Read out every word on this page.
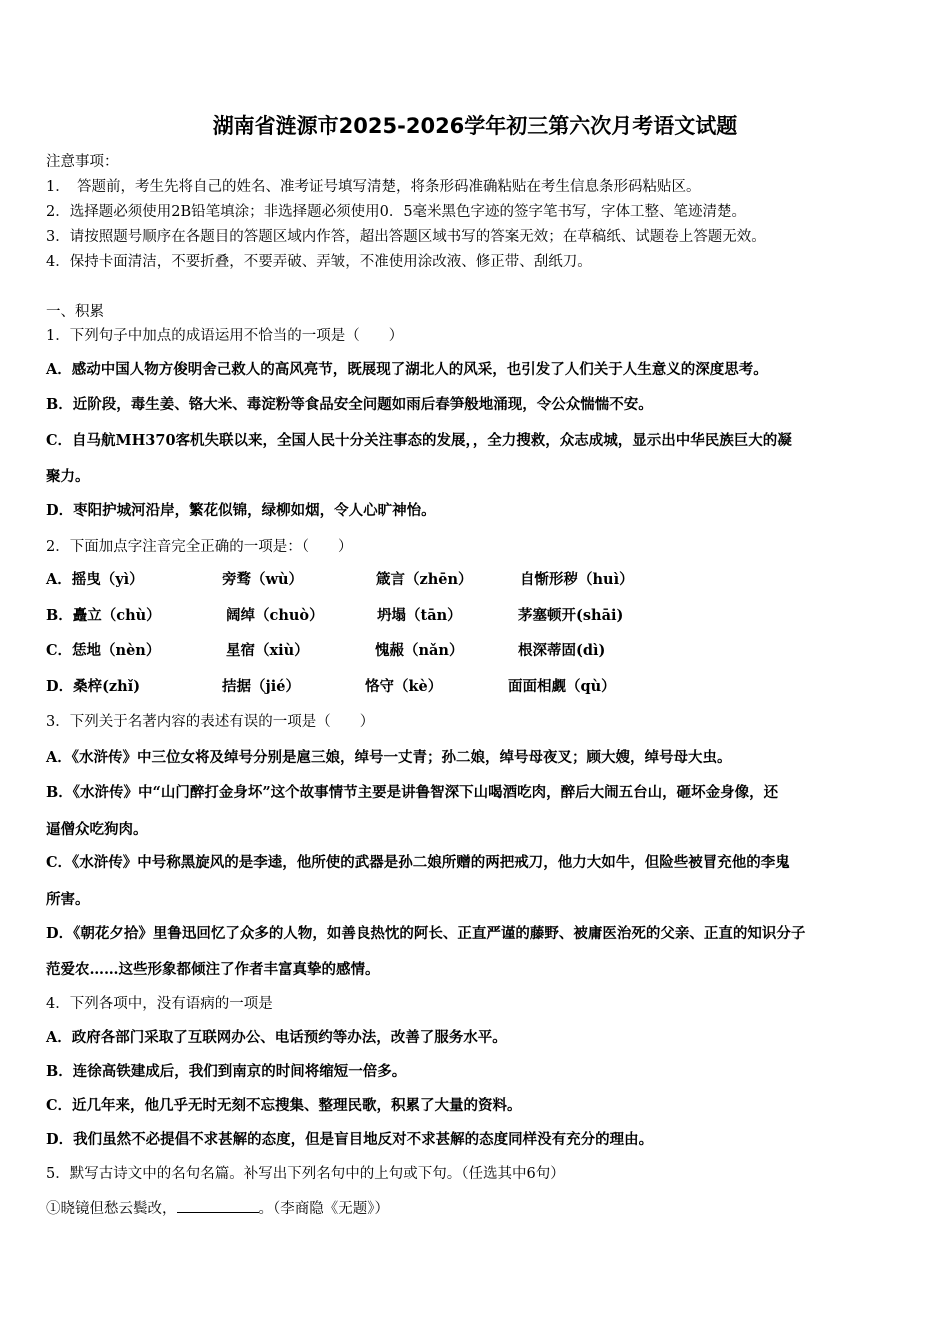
湖南省涟源市2025-2026学年初三第六次月考语文试题
注意事项：
1．　答题前，考生先将自己的姓名、准考证号填写清楚，将条形码准确粘贴在考生信息条形码粘贴区。
2．选择题必须使用2B铅笔填涂；非选择题必须使用0．5毫米黑色字迹的签字笔书写，字体工整、笔迹清楚。
3．请按照题号顺序在各题目的答题区域内作答，超出答题区域书写的答案无效；在草稿纸、试题卷上答题无效。
4．保持卡面清洁，不要折叠，不要弄破、弄皱，不准使用涂改液、修正带、刮纸刀。
一、积累
1．下列句子中加点的成语运用不恰当的一项是（　　）
A．感动中国人物方俊明舍己救人的高风亮节，既展现了湖北人的风采，也引发了人们关于人生意义的深度思考。
B．近阶段，毒生姜、铬大米、毒淀粉等食品安全问题如雨后春笋般地涌现，令公众惴惴不安。
C．自马航MH370客机失联以来，全国人民十分关注事态的发展，，全力搜救，众志成城，显示出中华民族巨大的凝
聚力。
D．枣阳护城河沿岸，繁花似锦，绿柳如烟，令人心旷神怡。
2．下面加点字注音完全正确的一项是：（　　）
A．摇曳（yì）	旁骛（wù）	箴言（zhēn）	自惭形秽（huì）
B．矗立（chù）	阔绰（chuò）	坍塌（tān）	茅塞顿开(shāi)
C．恁地（nèn）	星宿（xiù）	愧赧（nǎn）	根深蒂固(dì)
D．桑梓(zhǐ)	拮据（jié）	恪守（kè）	面面相觑（qù）
3．下列关于名著内容的表述有误的一项是（　　）
A．《水浒传》中三位女将及绰号分别是扈三娘，绰号一丈青；孙二娘，绰号母夜叉；顾大嫂，绰号母大虫。
B．《水浒传》中“山门醉打金身坏”这个故事情节主要是讲鲁智深下山喝酒吃肉，醉后大闹五台山，砸坏金身像，还
逼僧众吃狗肉。
C．《水浒传》中号称黑旋风的是李逵，他所使的武器是孙二娘所赠的两把戒刀，他力大如牛，但险些被冒充他的李鬼
所害。
D．《朝花夕拾》里鲁迅回忆了众多的人物，如善良热忱的阿长、正直严谨的藤野、被庸医治死的父亲、正直的知识分子
范爱农……这些形象都倾注了作者丰富真挚的感情。
4．下列各项中，没有语病的一项是
A．政府各部门采取了互联网办公、电话预约等办法，改善了服务水平。
B．连徐高铁建成后，我们到南京的时间将缩短一倍多。
C．近几年来，他几乎无时无刻不忘搜集、整理民歌，积累了大量的资料。
D．我们虽然不必提倡不求甚解的态度，但是盲目地反对不求甚解的态度同样没有充分的理由。
5．默写古诗文中的名句名篇。补写出下列名句中的上句或下句。（任选其中6句）
①晓镜但愁云鬓改，	。（李商隐《无题》）
